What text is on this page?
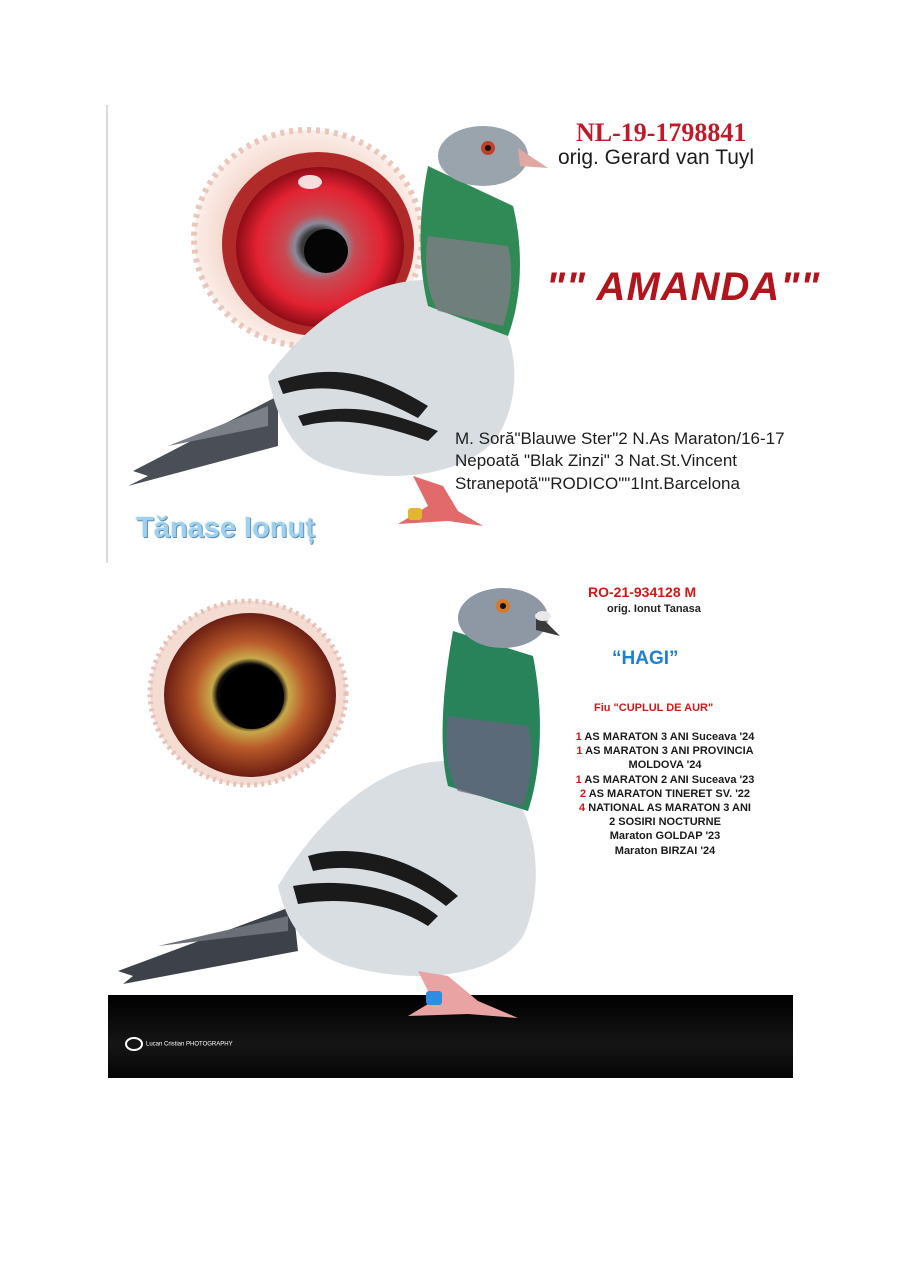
NL-19-1798841
orig. Gerard van Tuyl
"" AMANDA""
M. Soră"Blauwe Ster"2 N.As Maraton/16-17
Nepoată "Blak Zinzi" 3 Nat.St.Vincent
Stranepotă""RODICO""1Int.Barcelona
Tănase Ionuț
RO-21-934128 M
orig. Ionut Tanasa
“HAGI”
Fiu "CUPLUL DE AUR"
1 AS MARATON 3 ANI Suceava '24
1 AS MARATON 3 ANI PROVINCIA
MOLDOVA '24
1 AS MARATON 2 ANI Suceava '23
2 AS MARATON TINERET SV. '22
4 NATIONAL AS MARATON 3 ANI
2 SOSIRI NOCTURNE
Maraton GOLDAP '23
Maraton BIRZAI '24
Lucan Cristian PHOTOGRAPHY
